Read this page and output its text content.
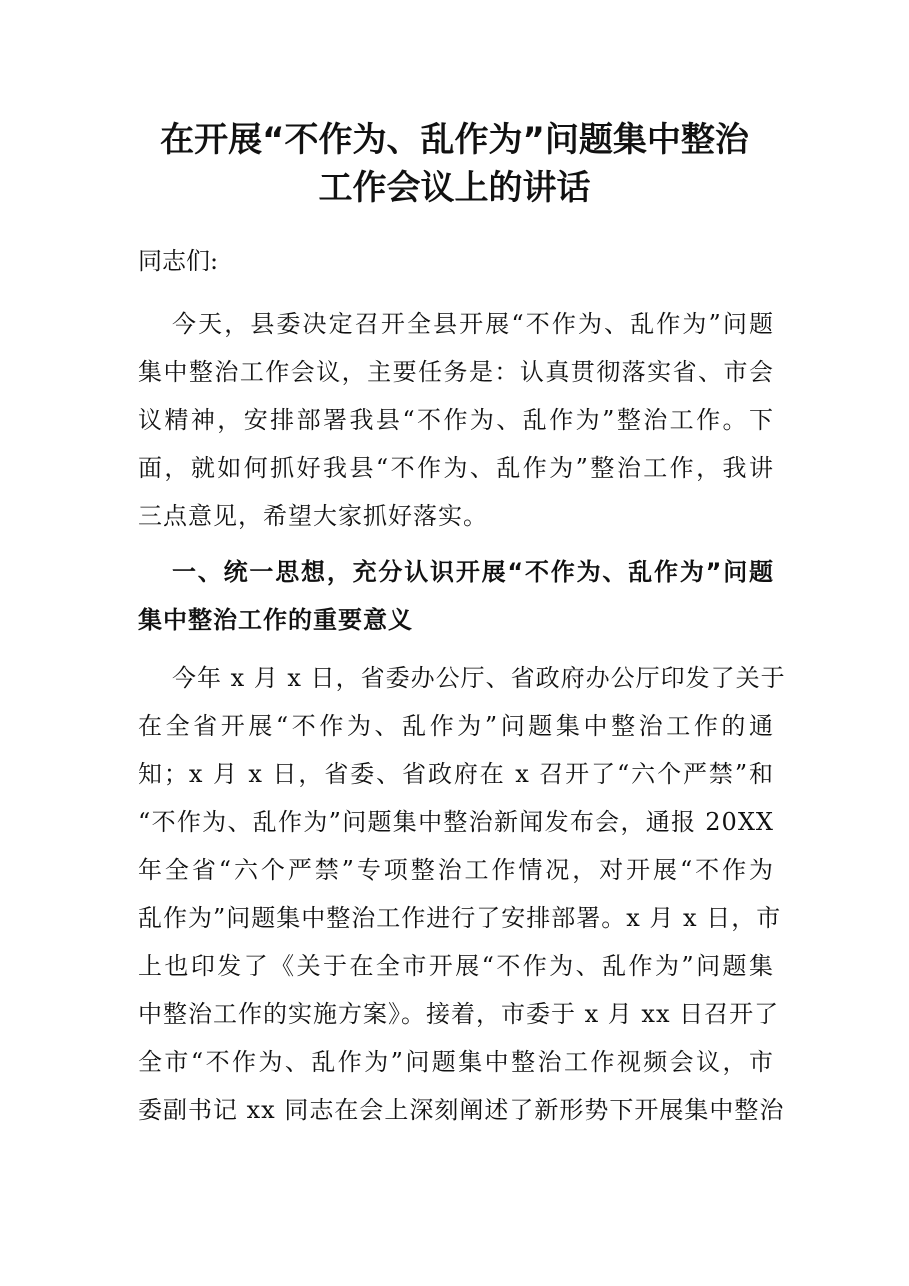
在开展“不作为、乱作为”问题集中整治
工作会议上的讲话

同志们:

今天，县委决定召开全县开展“不作为、乱作为”问题
集中整治工作会议，主要任务是：认真贯彻落实省、市会
议精神，安排部署我县“不作为、乱作为”整治工作。下
面，就如何抓好我县“不作为、乱作为”整治工作，我讲
三点意见，希望大家抓好落实。
一、统一思想，充分认识开展“不作为、乱作为”问题
集中整治工作的重要意义
今年 x 月 x 日，省委办公厅、省政府办公厅印发了关于
在全省开展“不作为、乱作为”问题集中整治工作的通
知；x 月 x 日，省委、省政府在 x 召开了“六个严禁”和
“不作为、乱作为”问题集中整治新闻发布会，通报 20XX
年全省“六个严禁”专项整治工作情况，对开展“不作为
乱作为”问题集中整治工作进行了安排部署。x 月 x 日，市
上也印发了《关于在全市开展“不作为、乱作为”问题集
中整治工作的实施方案》。接着，市委于 x 月 xx 日召开了
全市“不作为、乱作为”问题集中整治工作视频会议，市
委副书记 xx 同志在会上深刻阐述了新形势下开展集中整治
